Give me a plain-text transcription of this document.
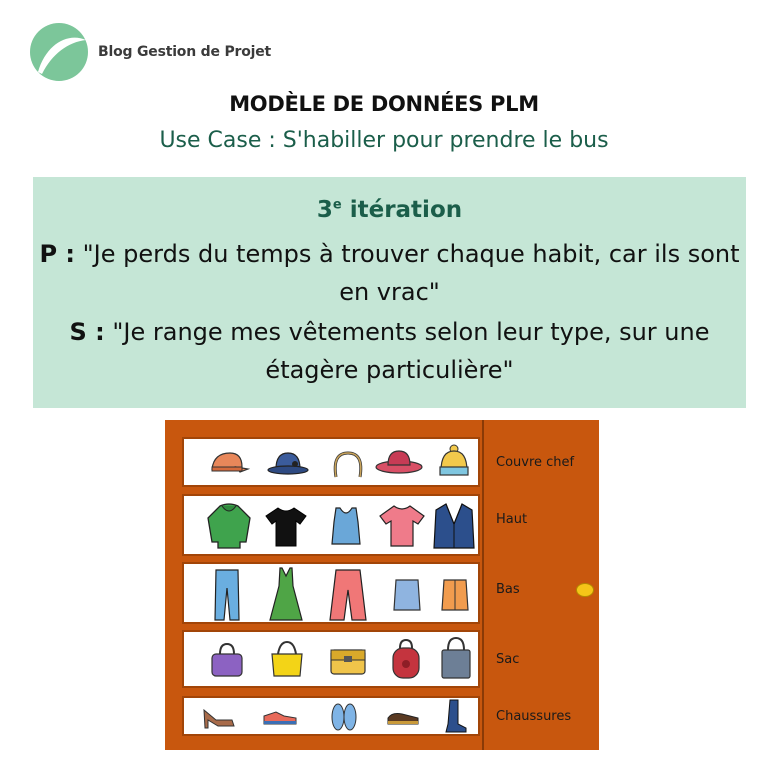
Blog Gestion de Projet
MODÈLE DE DONNÉES PLM
Use Case : S'habiller pour prendre le bus
3e itération
P : "Je perds du temps à trouver chaque habit, car ils sont en vrac"
S : "Je range mes vêtements selon leur type, sur une étagère particulière"
Couvre chef
Haut
Bas
Sac
Chaussures
